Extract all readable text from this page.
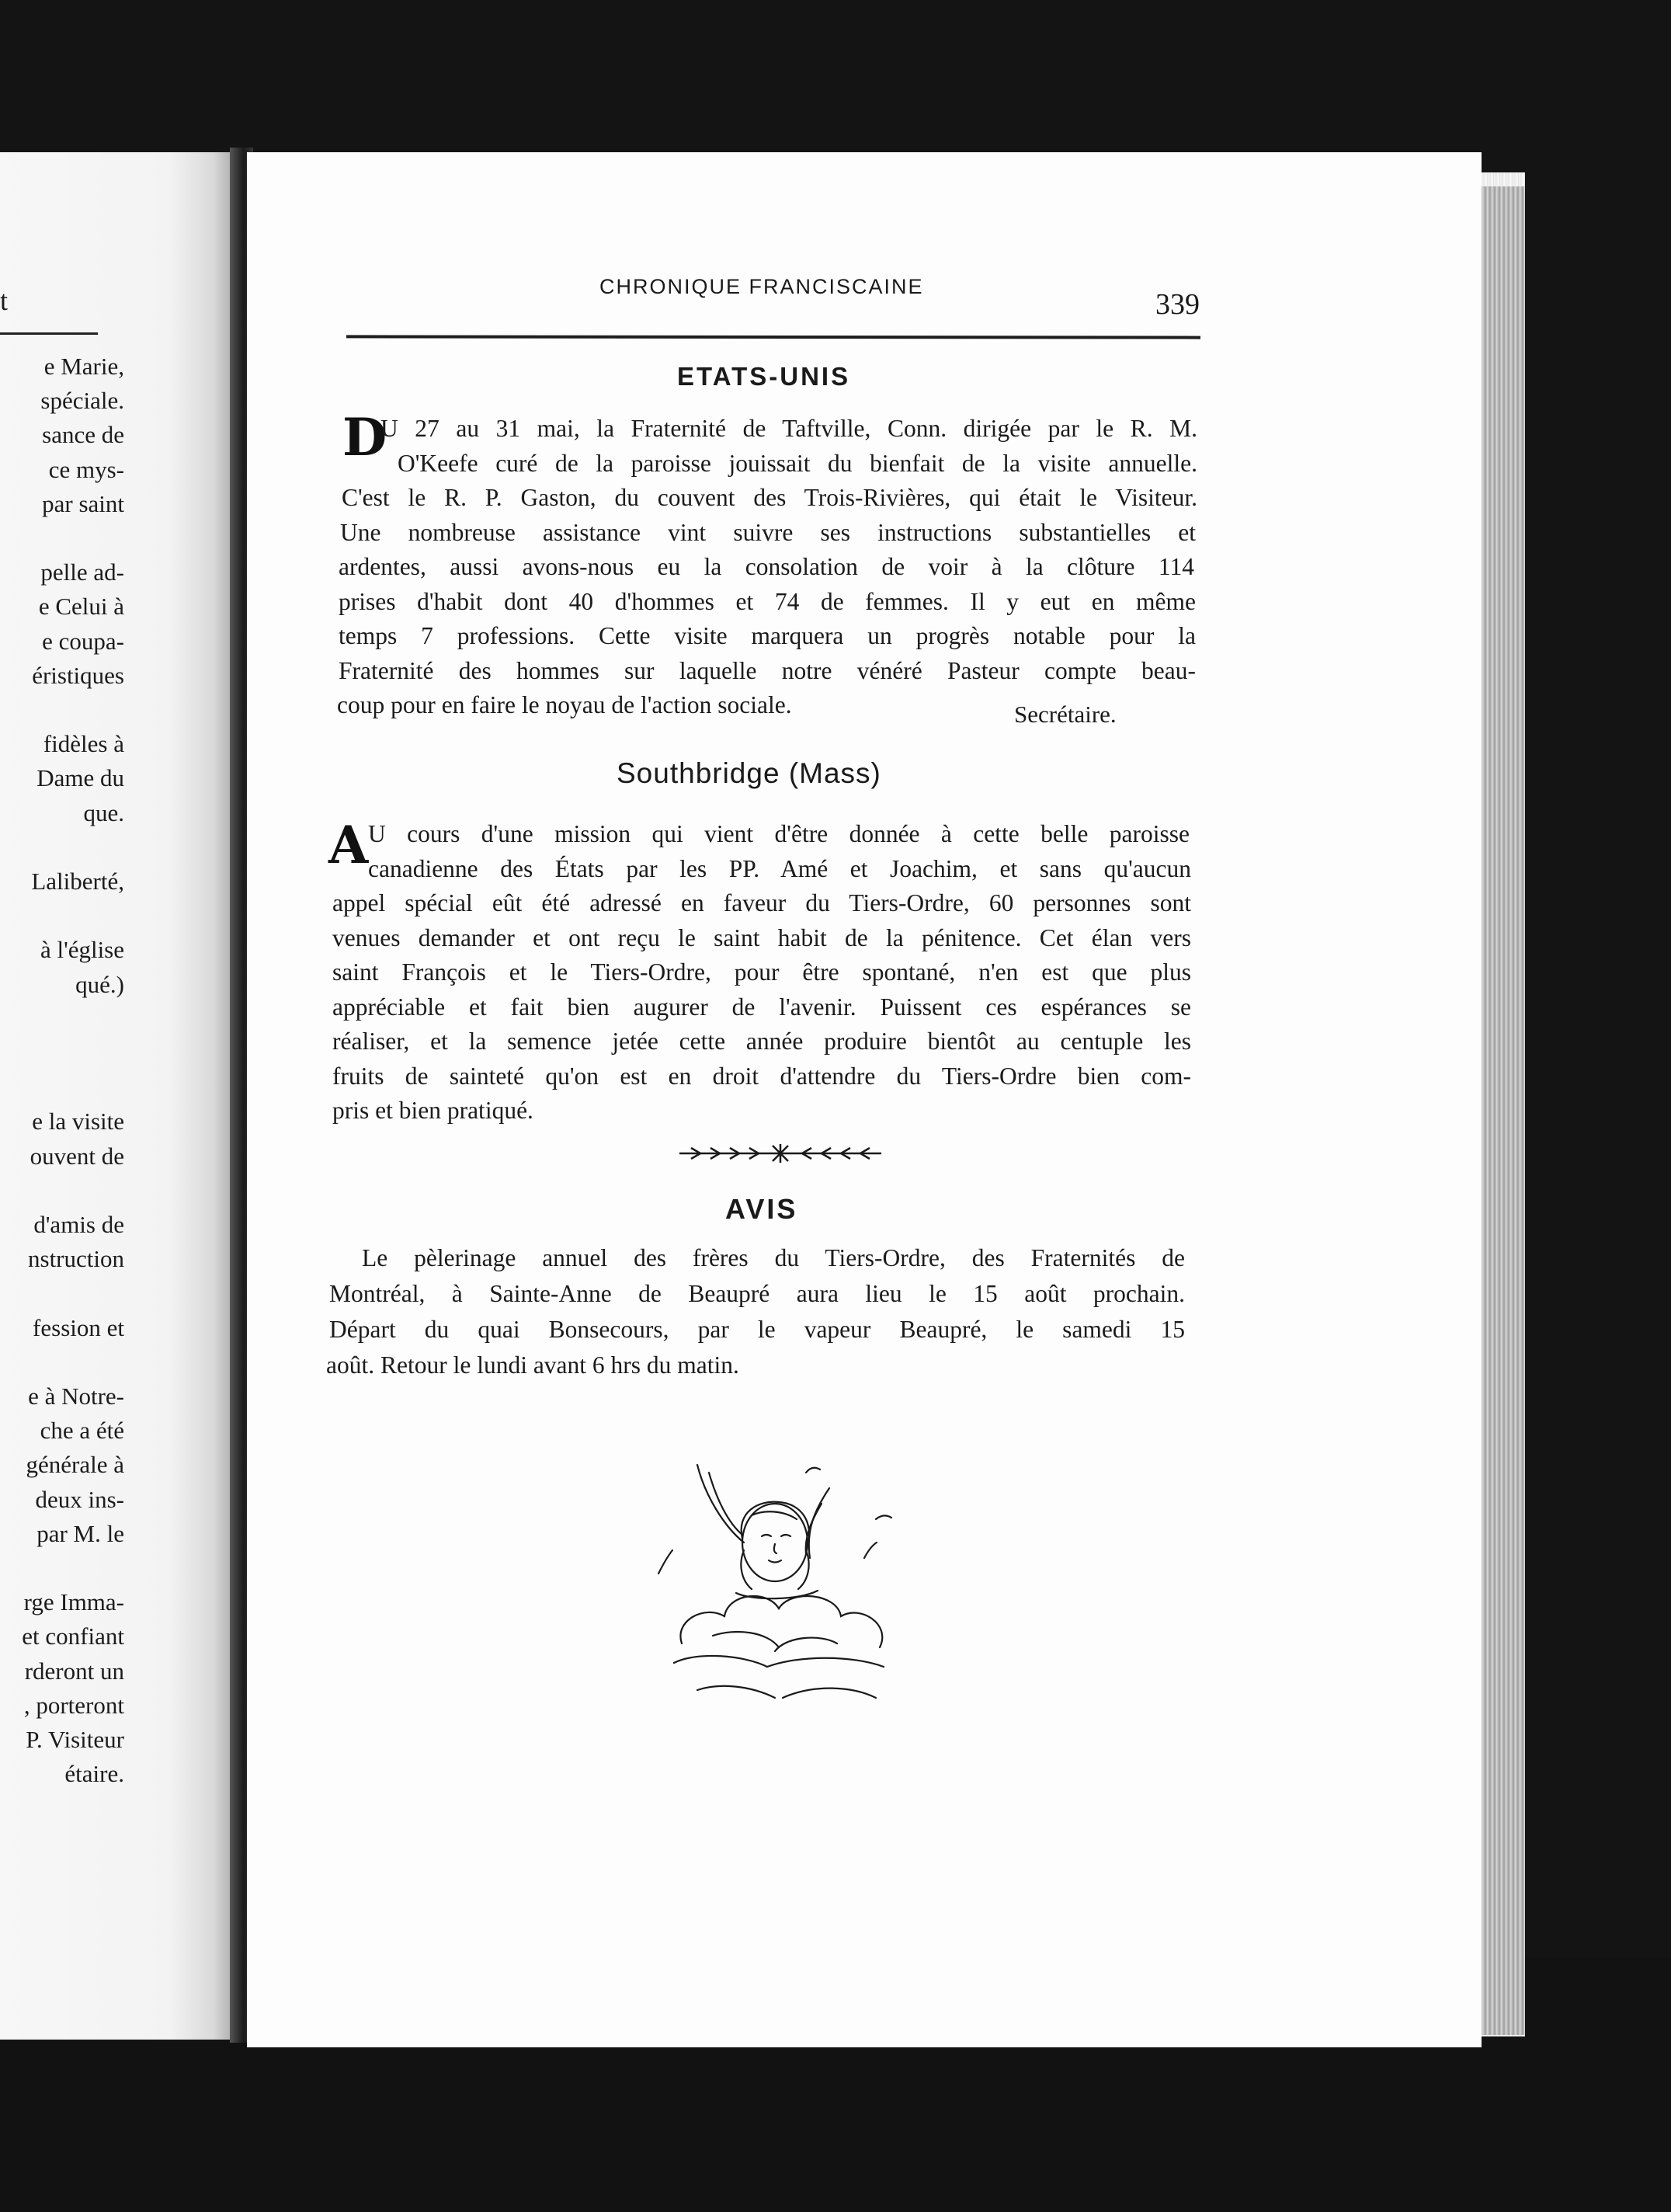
t
e Marie,
spéciale.
sance de
ce mys-
par saint
pelle ad-
e Celui à
e coupa-
éristiques
fidèles à
Dame du
que.
Laliberté,
à l'église
qué.)
e la visite
ouvent de
d'amis de
nstruction
fession et
e à Notre-
che a été
générale à
deux ins-
par M. le
rge Imma-
et confiant
rderont un
, porteront
P. Visiteur
étaire.
CHRONIQUE FRANCISCAINE
339
ETATS-UNIS
D
U 27 au 31 mai, la Fraternité de Taftville, Conn. dirigée par le R. M.
O'Keefe curé de la paroisse jouissait du bienfait de la visite annuelle.
C'est le R. P. Gaston, du couvent des Trois-Rivières, qui était le Visiteur.
Une nombreuse assistance vint suivre ses instructions substantielles et
ardentes, aussi avons-nous eu la consolation de voir à la clôture 114
prises d'habit dont 40 d'hommes et 74 de femmes. Il y eut en même
temps 7 professions. Cette visite marquera un progrès notable pour la
Fraternité des hommes sur laquelle notre vénéré Pasteur compte beau-
coup pour en faire le noyau de l'action sociale.	Secrétaire.
Southbridge (Mass)
A U cours d'une mission qui vient d'être donnée à cette belle paroisse
canadienne des États par les PP. Amé et Joachim, et sans qu'aucun
appel spécial eût été adressé en faveur du Tiers-Ordre, 60 personnes sont
venues demander et ont reçu le saint habit de la pénitence. Cet élan vers
saint François et le Tiers-Ordre, pour être spontané, n'en est que plus
appréciable et fait bien augurer de l'avenir. Puissent ces espérances se
réaliser, et la semence jetée cette année produire bientôt au centuple les
fruits de sainteté qu'on est en droit d'attendre du Tiers-Ordre bien com-
pris et bien pratiqué.
AVIS
Le pèlerinage annuel des frères du Tiers-Ordre, des Fraternités de
Montréal, à Sainte-Anne de Beaupré aura lieu le 15 août prochain.
Départ du quai Bonsecours, par le vapeur Beaupré, le samedi 15
août. Retour le lundi avant 6 hrs du matin.
